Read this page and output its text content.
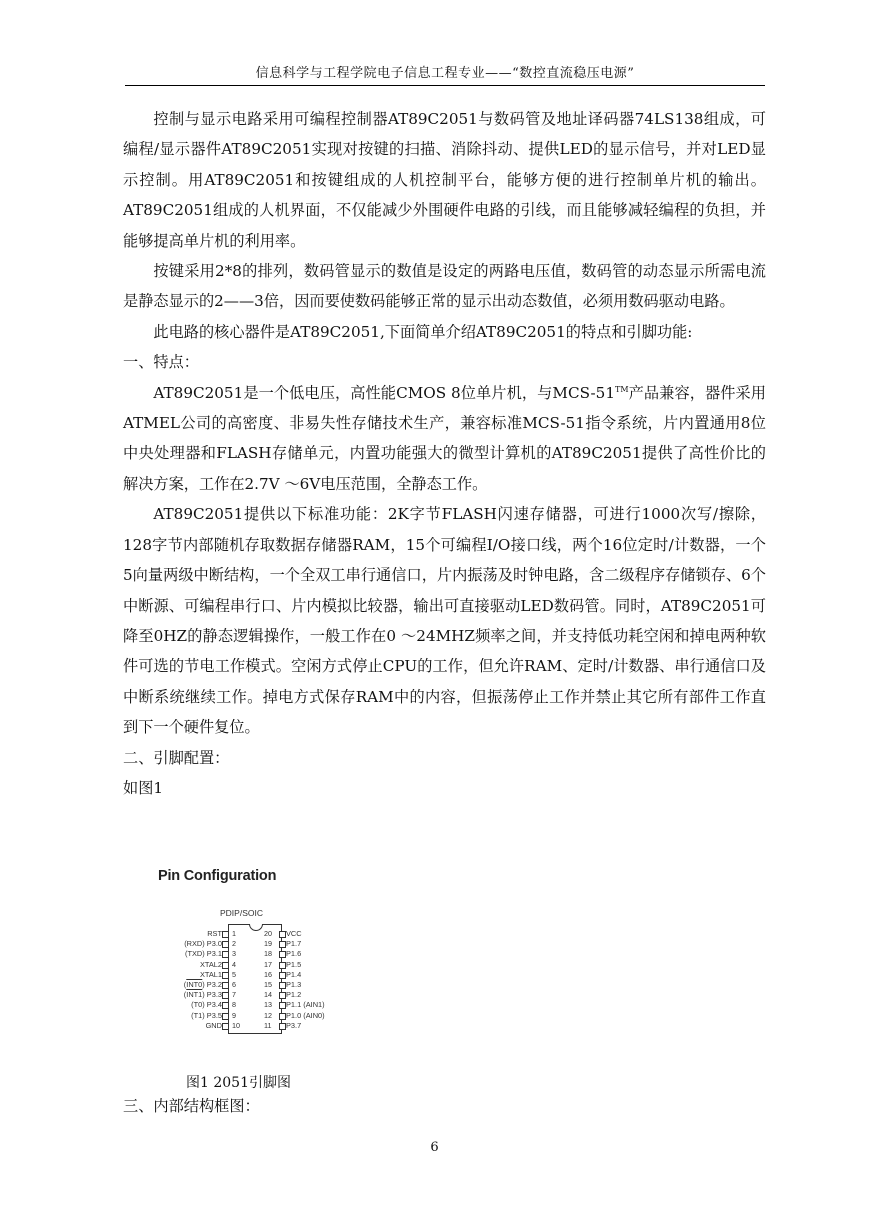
信息科学与工程学院电子信息工程专业——“数控直流稳压电源”

控制与显示电路采用可编程控制器AT89C2051与数码管及地址译码器74LS138组成，可编程/显示器件AT89C2051实现对按键的扫描、消除抖动、提供LED的显示信号，并对LED显示控制。用AT89C2051和按键组成的人机控制平台，能够方便的进行控制单片机的输出。AT89C2051组成的人机界面，不仅能减少外围硬件电路的引线，而且能够减轻编程的负担，并能够提高单片机的利用率。

按键采用2*8的排列，数码管显示的数值是设定的两路电压值，数码管的动态显示所需电流是静态显示的2——3倍，因而要使数码能够正常的显示出动态数值，必须用数码驱动电路。

此电路的核心器件是AT89C2051,下面简单介绍AT89C2051的特点和引脚功能:

一、特点：

AT89C2051是一个低电压，高性能CMOS 8位单片机，与MCS-51™产品兼容，器件采用ATMEL公司的高密度、非易失性存储技术生产，兼容标准MCS-51指令系统，片内置通用8位中央处理器和FLASH存储单元，内置功能强大的微型计算机的AT89C2051提供了高性价比的解决方案，工作在2.7V ～6V电压范围，全静态工作。

AT89C2051提供以下标准功能：2K字节FLASH闪速存储器，可进行1000次写/擦除，128字节内部随机存取数据存储器RAM，15个可编程I/O接口线，两个16位定时/计数器，一个5向量两级中断结构，一个全双工串行通信口，片内振荡及时钟电路，含二级程序存储锁存、6个中断源、可编程串行口、片内模拟比较器，输出可直接驱动LED数码管。同时，AT89C2051可降至0HZ的静态逻辑操作，一般工作在0 ～24MHZ频率之间，并支持低功耗空闲和掉电两种软件可选的节电工作模式。空闲方式停止CPU的工作，但允许RAM、定时/计数器、串行通信口及中断系统继续工作。掉电方式保存RAM中的内容，但振荡停止工作并禁止其它所有部件工作直到下一个硬件复位。

二、引脚配置：

如图1

Pin Configuration
PDIP/SOIC
RST 1
(RXD) P3.0 2
(TXD) P3.1 3
XTAL2 4
XTAL1 5
(INT0) P3.2 6
(INT1) P3.3 7
(T0) P3.4 8
(T1) P3.5 9
GND 10
20 VCC
19 P1.7
18 P1.6
17 P1.5
16 P1.4
15 P1.3
14 P1.2
13 P1.1 (AIN1)
12 P1.0 (AIN0)
11 P3.7
图1 2051引脚图
三、内部结构框图：
6
